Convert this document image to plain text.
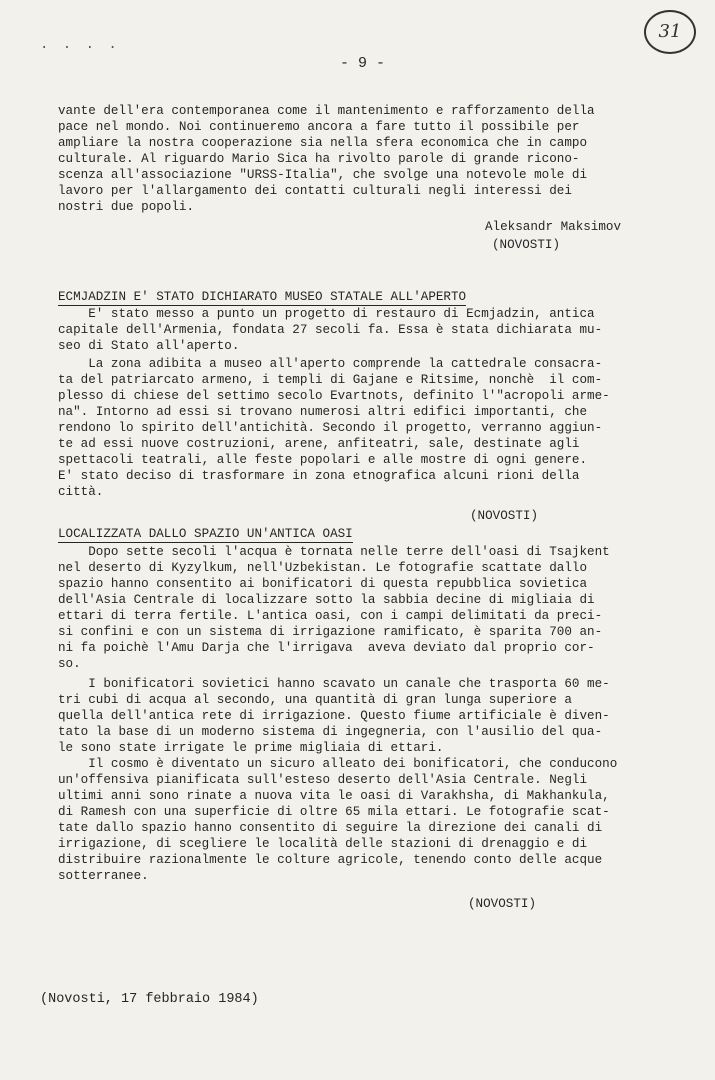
· · · ·
- 9 -
31
vante dell'era contemporanea come il mantenimento e rafforzamento della
pace nel mondo. Noi continueremo ancora a fare tutto il possibile per
ampliare la nostra cooperazione sia nella sfera economica che in campo
culturale. Al riguardo Mario Sica ha rivolto parole di grande ricono-
scenza all'associazione "URSS-Italia", che svolge una notevole mole di
lavoro per l'allargamento dei contatti culturali negli interessi dei
nostri due popoli.
Aleksandr Maksimov
(NOVOSTI)
ECMJADZIN E' STATO DICHIARATO MUSEO STATALE ALL'APERTO
E' stato messo a punto un progetto di restauro di Ecmjadzin, antica
capitale dell'Armenia, fondata 27 secoli fa. Essa è stata dichiarata mu-
seo di Stato all'aperto.
La zona adibita a museo all'aperto comprende la cattedrale consacra-
ta del patriarcato armeno, i templi di Gajane e Ritsime, nonchè  il com-
plesso di chiese del settimo secolo Evartnots, definito l'"acropoli arme-
na". Intorno ad essi si trovano numerosi altri edifici importanti, che
rendono lo spirito dell'antichità. Secondo il progetto, verranno aggiun-
te ad essi nuove costruzioni, arene, anfiteatri, sale, destinate agli
spettacoli teatrali, alle feste popolari e alle mostre di ogni genere.
E' stato deciso di trasformare in zona etnografica alcuni rioni della
città.
(NOVOSTI)
LOCALIZZATA DALLO SPAZIO UN'ANTICA OASI
Dopo sette secoli l'acqua è tornata nelle terre dell'oasi di Tsajkent
nel deserto di Kyzylkum, nell'Uzbekistan. Le fotografie scattate dallo
spazio hanno consentito ai bonificatori di questa repubblica sovietica
dell'Asia Centrale di localizzare sotto la sabbia decine di migliaia di
ettari di terra fertile. L'antica oasi, con i campi delimitati da preci-
si confini e con un sistema di irrigazione ramificato, è sparita 700 an-
ni fa poichè l'Amu Darja che l'irrigava  aveva deviato dal proprio cor-
so.
I bonificatori sovietici hanno scavato un canale che trasporta 60 me-
tri cubi di acqua al secondo, una quantità di gran lunga superiore a
quella dell'antica rete di irrigazione. Questo fiume artificiale è diven-
tato la base di un moderno sistema di ingegneria, con l'ausilio del qua-
le sono state irrigate le prime migliaia di ettari.
Il cosmo è diventato un sicuro alleato dei bonificatori, che conducono
un'offensiva pianificata sull'esteso deserto dell'Asia Centrale. Negli
ultimi anni sono rinate a nuova vita le oasi di Varakhsha, di Makhankula,
di Ramesh con una superficie di oltre 65 mila ettari. Le fotografie scat-
tate dallo spazio hanno consentito di seguire la direzione dei canali di
irrigazione, di scegliere le località delle stazioni di drenaggio e di
distribuire razionalmente le colture agricole, tenendo conto delle acque
sotterranee.
(NOVOSTI)
(Novosti, 17 febbraio 1984)
